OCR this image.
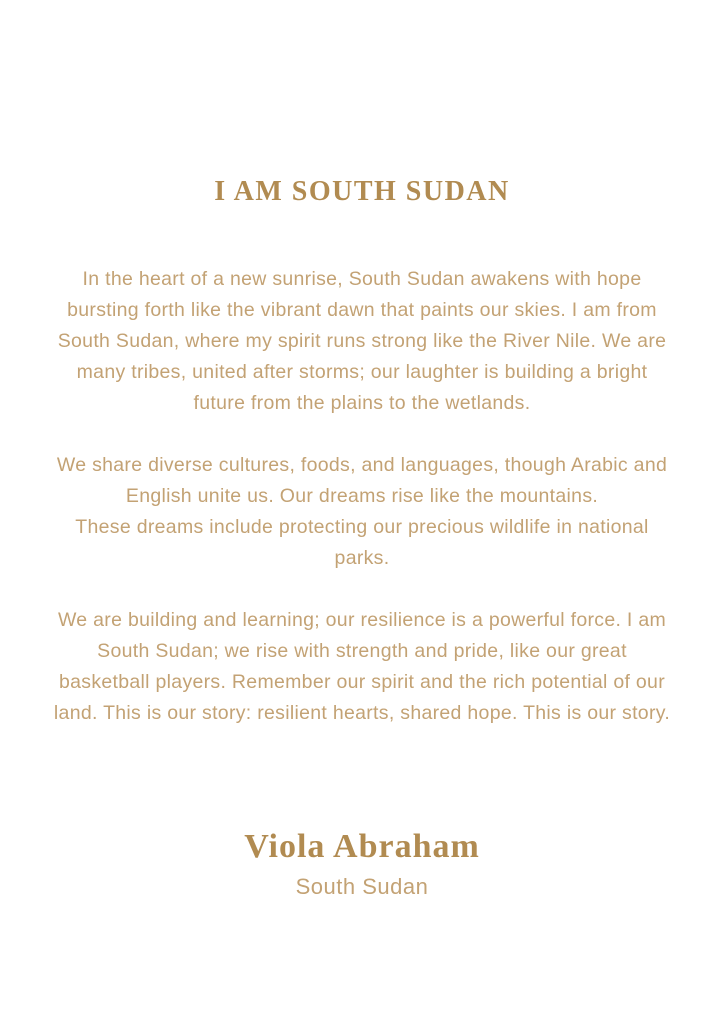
I AM SOUTH SUDAN

In the heart of a new sunrise, South Sudan awakens with hope bursting forth like the vibrant dawn that paints our skies. I am from South Sudan, where my spirit runs strong like the River Nile. We are many tribes, united after storms; our laughter is building a bright future from the plains to the wetlands.

We share diverse cultures, foods, and languages, though Arabic and English unite us. Our dreams rise like the mountains.
These dreams include protecting our precious wildlife in national parks.

We are building and learning; our resilience is a powerful force. I am South Sudan; we rise with strength and pride, like our great basketball players. Remember our spirit and the rich potential of our land. This is our story: resilient hearts, shared hope. This is our story.

Viola Abraham
South Sudan
